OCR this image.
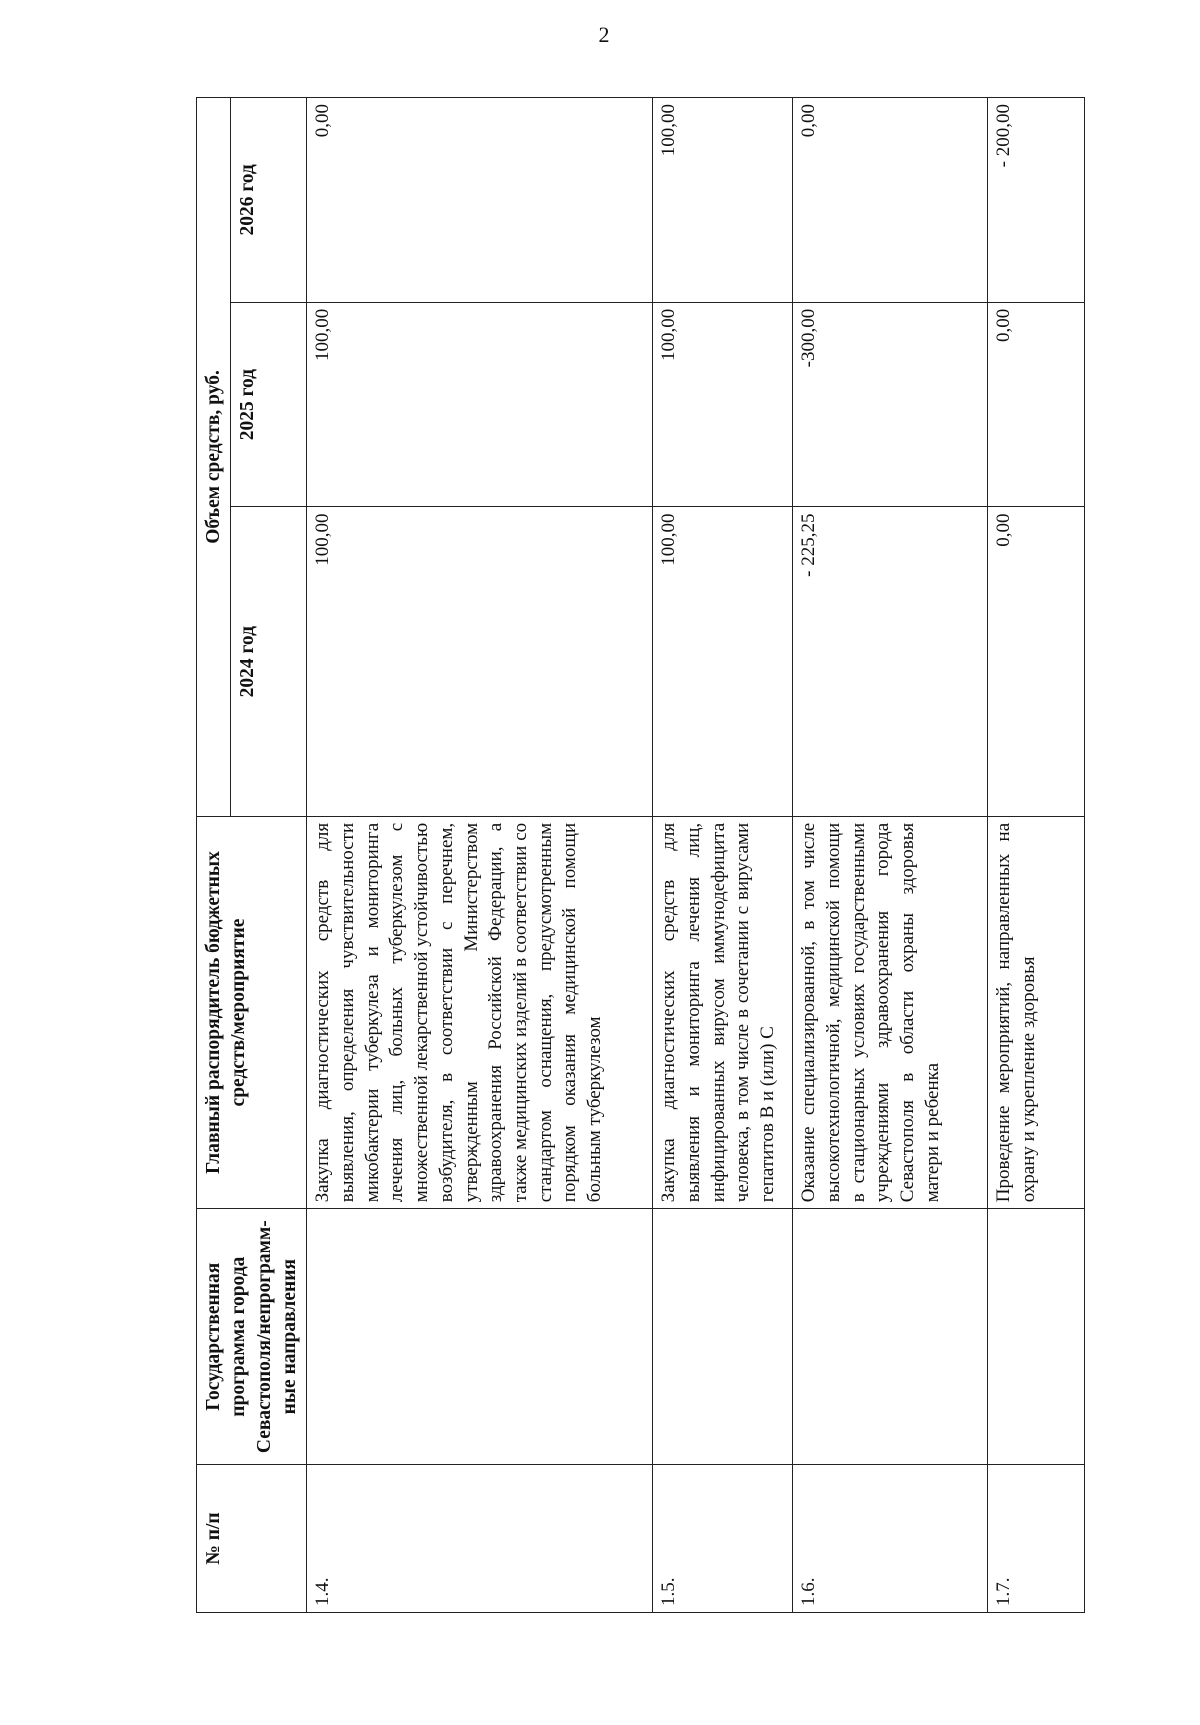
2
№ п/п	Государственная программа города Севастополя/непрограмм-ные направления	Главный распорядитель бюджетных средств/мероприятие	Объем средств, руб.		
			2024 год	2025 год	2026 год
1.4.		Закупка диагностических средств для выявления, определения чувствительности микобактерии туберкулеза и мониторинга лечения лиц, больных туберкулезом с множественной лекарственной устойчивостью возбудителя, в соответствии с перечнем, утвержденным Министерством здравоохранения Российской Федерации, а также медицинских изделий в соответствии со стандартом оснащения, предусмотренным порядком оказания медицинской помощи больным туберкулезом	100,00	100,00	0,00
1.5.		Закупка диагностических средств для выявления и мониторинга лечения лиц, инфицированных вирусом иммунодефицита человека, в том числе в сочетании с вирусами гепатитов В и (или) С	100,00	100,00	100,00
1.6.		Оказание специализированной, в том числе высокотехнологичной, медицинской помощи в стационарных условиях государственными учреждениями здравоохранения города Севастополя в области охраны здоровья матери и ребенка	- 225,25	-300,00	0,00
1.7.		Проведение мероприятий, направленных на охрану и укрепление здоровья	0,00	0,00	- 200,00
